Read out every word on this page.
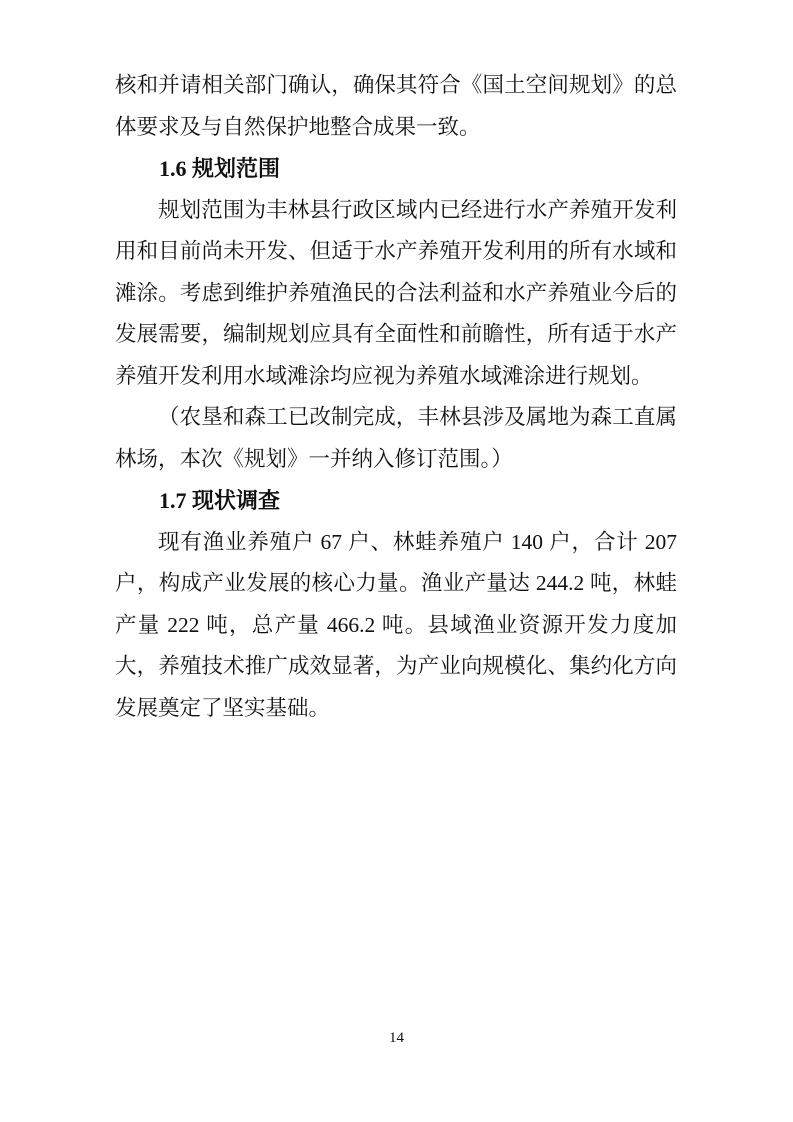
核和并请相关部门确认，确保其符合《国土空间规划》的总体要求及与自然保护地整合成果一致。

1.6 规划范围

规划范围为丰林县行政区域内已经进行水产养殖开发利用和目前尚未开发、但适于水产养殖开发利用的所有水域和滩涂。考虑到维护养殖渔民的合法利益和水产养殖业今后的发展需要，编制规划应具有全面性和前瞻性，所有适于水产养殖开发利用水域滩涂均应视为养殖水域滩涂进行规划。

（农垦和森工已改制完成，丰林县涉及属地为森工直属林场，本次《规划》一并纳入修订范围。）

1.7 现状调查

现有渔业养殖户 67 户、林蛙养殖户 140 户，合计 207 户，构成产业发展的核心力量。渔业产量达 244.2 吨，林蛙产量 222 吨，总产量 466.2 吨。县域渔业资源开发力度加大，养殖技术推广成效显著，为产业向规模化、集约化方向发展奠定了坚实基础。

14
